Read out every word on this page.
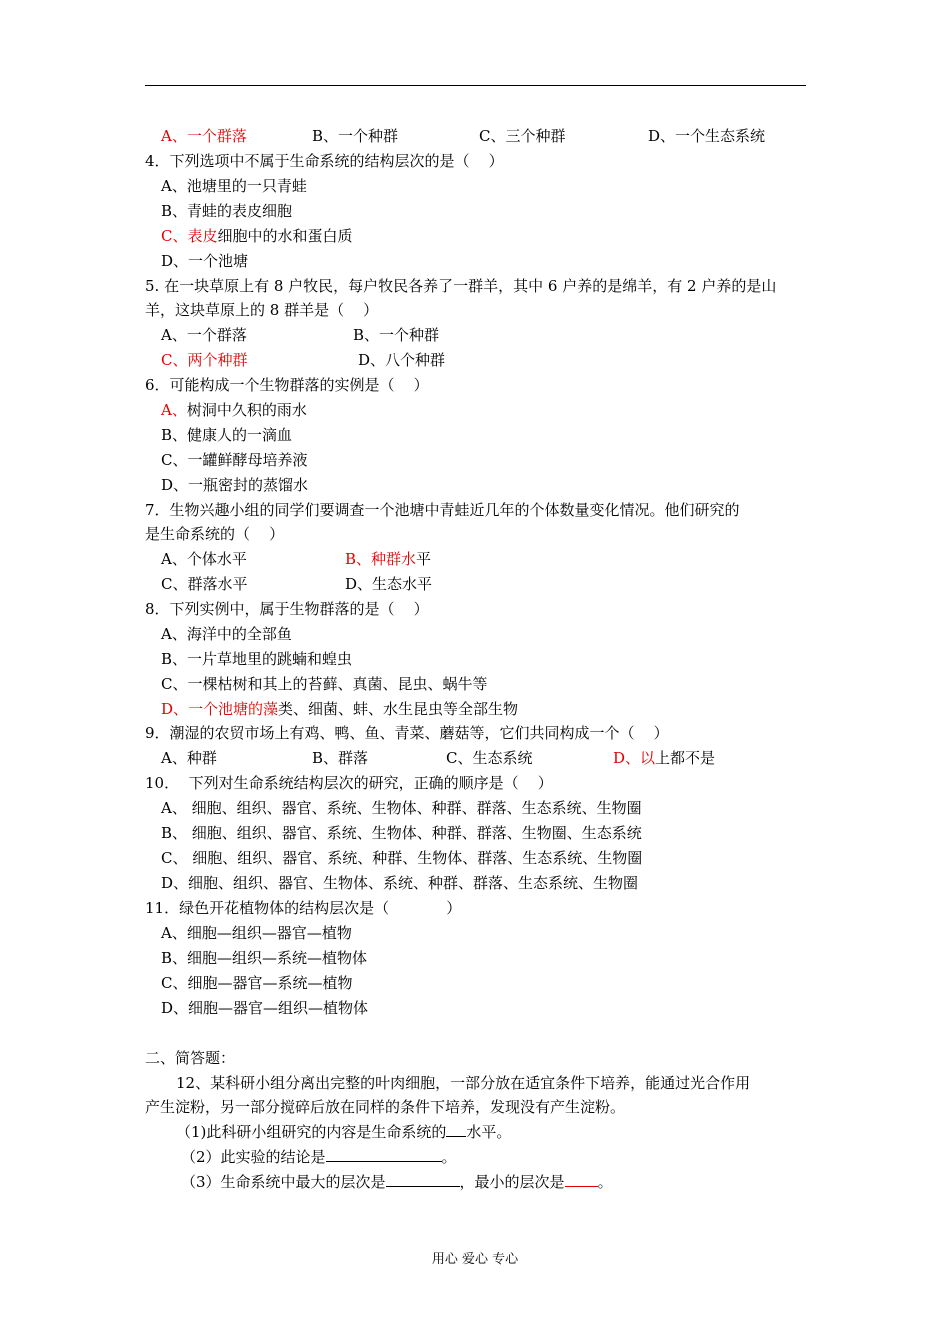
A、一个群落	B、一个种群	C、三个种群	D、一个生态系统
4．下列选项中不属于生命系统的结构层次的是（    ）
A、池塘里的一只青蛙
B、青蛙的表皮细胞
C、表皮细胞中的水和蛋白质
D、一个池塘
5. 在一块草原上有 8 户牧民，每户牧民各养了一群羊，其中 6 户养的是绵羊，有 2 户养的是山
羊，这块草原上的 8 群羊是（    ）
A、一个群落	B、一个种群
C、两个种群	D、八个种群
6．可能构成一个生物群落的实例是（    ）
A、树洞中久积的雨水
B、健康人的一滴血
C、一罐鲜酵母培养液
D、一瓶密封的蒸馏水
7．生物兴趣小组的同学们要调查一个池塘中青蛙近几年的个体数量变化情况。他们研究的
是生命系统的（    ）
A、个体水平	B、种群水平
C、群落水平	D、生态水平
8．下列实例中，属于生物群落的是（    ）
A、海洋中的全部鱼
B、一片草地里的跳蝻和蝗虫
C、一棵枯树和其上的苔藓、真菌、昆虫、蜗牛等
D、一个池塘的藻类、细菌、蚌、水生昆虫等全部生物
9．潮湿的农贸市场上有鸡、鸭、鱼、青菜、蘑菇等，它们共同构成一个（    ）
A、种群	B、群落	C、生态系统	D、以上都不是
10．  下列对生命系统结构层次的研究，正确的顺序是（    ）
A、 细胞、组织、器官、系统、生物体、种群、群落、生态系统、生物圈
B、 细胞、组织、器官、系统、生物体、种群、群落、生物圈、生态系统
C、 细胞、组织、器官、系统、种群、生物体、群落、生态系统、生物圈
D、细胞、组织、器官、生物体、系统、种群、群落、生态系统、生物圈
11．绿色开花植物体的结构层次是（            ）
A、细胞—组织—器官—植物
B、细胞—组织—系统—植物体
C、细胞—器官—系统—植物
D、细胞—器官—组织—植物体
二、简答题：
12、某科研小组分离出完整的叶肉细胞，一部分放在适宜条件下培养，能通过光合作用
产生淀粉，另一部分搅碎后放在同样的条件下培养，发现没有产生淀粉。
（1)此科研小组研究的内容是生命系统的 水平。
（2）此实验的结论是	。
（3）生命系统中最大的层次是	，最小的层次是 。
用心 爱心 专心
